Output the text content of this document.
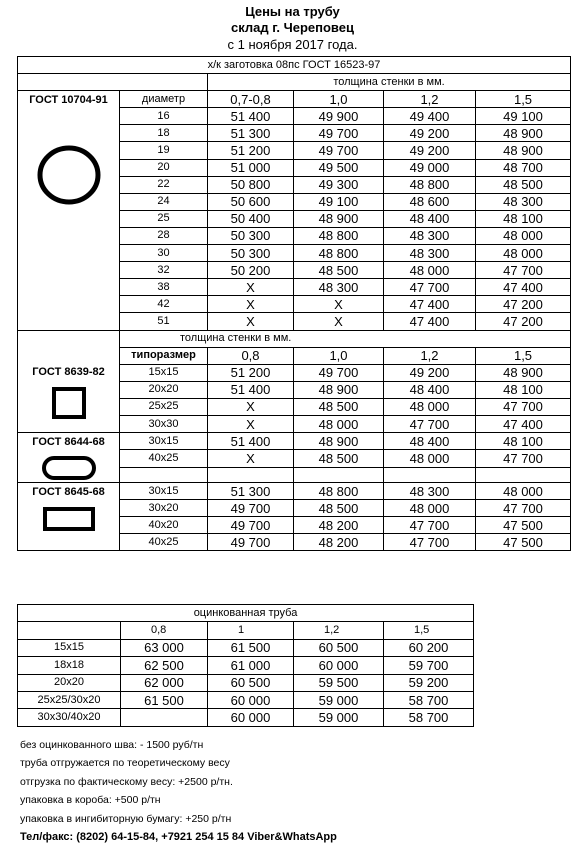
Цены на трубу
склад г. Череповец
с 1 ноября 2017 года.
х/к заготовка 08пс ГОСТ 16523-97					
		толщина стенки в мм.			

ГОСТ 10704-91	диаметр	0,7-0,8	1,0	1,2	1,5
	16	51 400	49 900	49 400	49 100
	18	51 300	49 700	49 200	48 900
	19	51 200	49 700	49 200	48 900
	20	51 000	49 500	49 000	48 700
	22	50 800	49 300	48 800	48 500
	24	50 600	49 100	48 600	48 300
	25	50 400	48 900	48 400	48 100
	28	50 300	48 800	48 300	48 000
	30	50 300	48 800	48 300	48 000
	32	50 200	48 500	48 000	47 700
	38	X	48 300	47 700	47 400
	42	X	X	47 400	47 200
	51	X	X	47 400	47 200

ГОСТ 8639-82	толщина стенки в мм.				
	типоразмер	0,8	1,0	1,2	1,5
	15x15	51 200	49 700	49 200	48 900
	20x20	51 400	48 900	48 400	48 100
	25x25	X	48 500	48 000	47 700
	30x30	X	48 000	47 700	47 400

ГОСТ 8644-68	30x15	51 400	48 900	48 400	48 100
	40x25	X	48 500	48 000	47 700

ГОСТ 8645-68	30x15	51 300	48 800	48 300	48 000
	30x20	49 700	48 500	48 000	47 700
	40x20	49 700	48 200	47 700	47 500
	40x25	49 700	48 200	47 700	47 500
оцинкованная труба				
	0,8	1	1,2	1,5
15x15	63 000	61 500	60 500	60 200
18x18	62 500	61 000	60 000	59 700
20x20	62 000	60 500	59 500	59 200
25x25/30x20	61 500	60 000	59 000	58 700
30x30/40x20		60 000	59 000	58 700
без оцинкованного шва: - 1500 руб/тн
труба отгружается по теоретическому весу
отгрузка по фактическому весу: +2500 р/тн.
упаковка в короба: +500 р/тн
упаковка в ингибиторную бумагу: +250 р/тн
Тел/факс: (8202) 64-15-84, +7921 254 15 84 Viber&WhatsApp
